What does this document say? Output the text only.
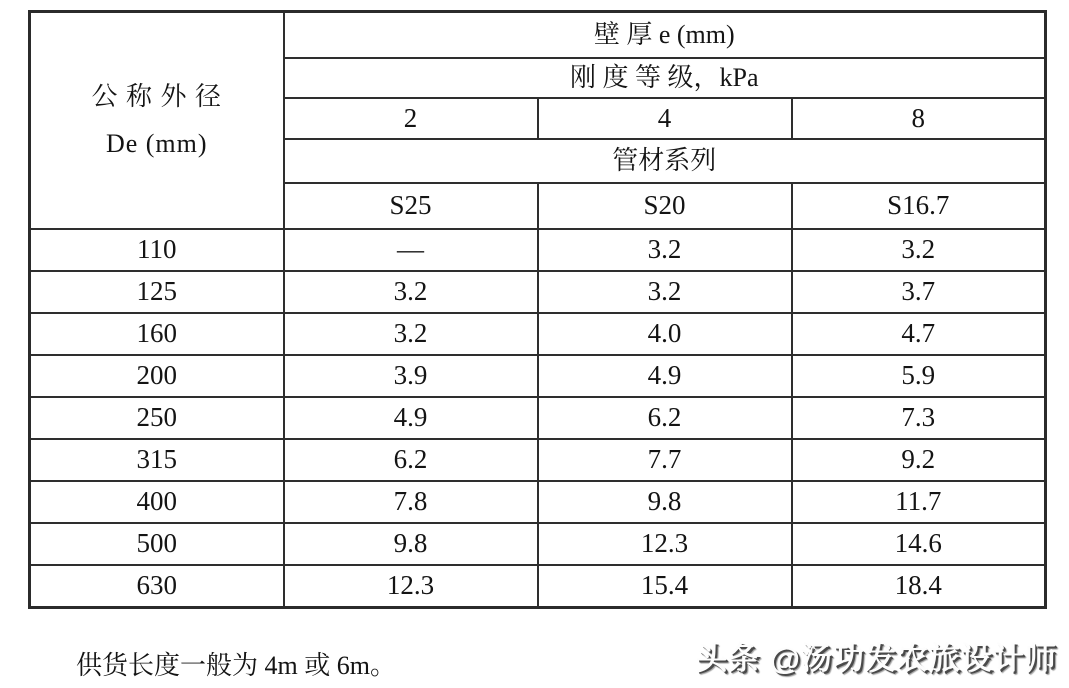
公 称 外 径
De (mm)	壁 厚 e (mm)		
	刚 度 等 级，kPa		
	2	4	8
	管材系列		
	S25	S20	S16.7
110	—	3.2	3.2
125	3.2	3.2	3.7
160	3.2	4.0	4.7
200	3.9	4.9	5.9
250	4.9	6.2	7.3
315	6.2	7.7	9.2
400	7.8	9.8	11.7
500	9.8	12.3	14.6
630	12.3	15.4	18.4
供货长度一般为 4m 或 6m。	头条 @汤功发农旅设计师
